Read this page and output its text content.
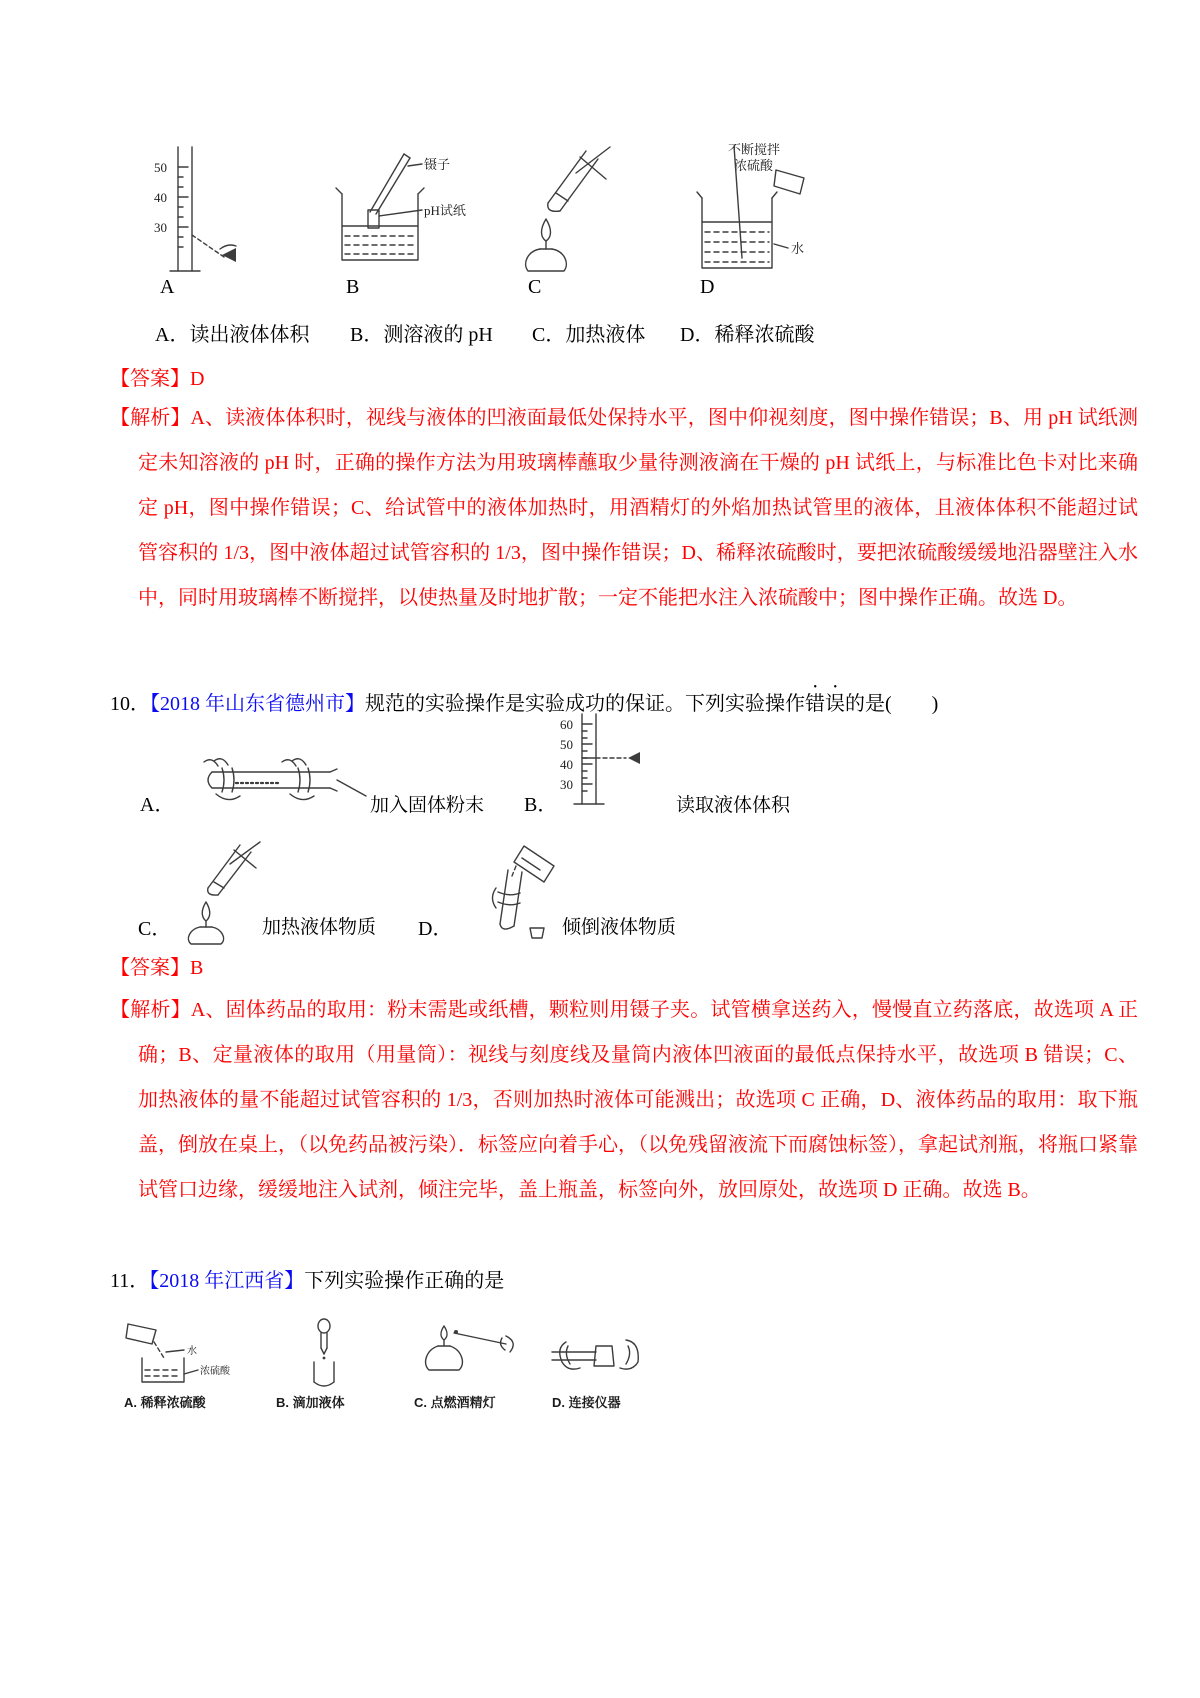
50
40
30
A
镊子
pH试纸
B	C
不断搅拌
浓硫酸
水
D
A．读出液体体积 B．测溶液的 pH C．加热液体 D．稀释浓硫酸
【答案】D

【解析】A、读液体体积时，视线与液体的凹液面最低处保持水平，图中仰视刻度，图中操作错误；B、用 pH 试纸测定未知溶液的 pH 时，正确的操作方法为用玻璃棒蘸取少量待测液滴在干燥的 pH 试纸上，与标准比色卡对比来确定 pH，图中操作错误；C、给试管中的液体加热时，用酒精灯的外焰加热试管里的液体，且液体体积不能超过试管容积的 1/3，图中液体超过试管容积的 1/3，图中操作错误；D、稀释浓硫酸时，要把浓硫酸缓缓地沿器壁注入水中，同时用玻璃棒不断搅拌，以使热量及时地扩散；一定不能把水注入浓硫酸中；图中操作正确。故选 D。

10．【2018 年山东省德州市】规范的实验操作是实验成功的保证。下列实验操作错误的是(　　)
A．	加入固体粉末 B．
60
50
40
30
读取液体体积
C．	加热液体物质 D．	倾倒液体物质
【答案】B

【解析】A、固体药品的取用：粉末需匙或纸槽，颗粒则用镊子夹。试管横拿送药入，慢慢直立药落底，故选项 A 正确；B、定量液体的取用（用量筒）：视线与刻度线及量筒内液体凹液面的最低点保持水平，故选项 B 错误；C、加热液体的量不能超过试管容积的 1/3，否则加热时液体可能溅出；故选项 C 正确，D、液体药品的取用：取下瓶盖，倒放在桌上，（以免药品被污染）．标签应向着手心，（以免残留液流下而腐蚀标签），拿起试剂瓶，将瓶口紧靠试管口边缘，缓缓地注入试剂，倾注完毕，盖上瓶盖，标签向外，放回原处，故选项 D 正确。故选 B。

11．【2018 年江西省】下列实验操作正确的是
水
浓硫酸
A. 稀释浓硫酸	B. 滴加液体	C. 点燃酒精灯	D. 连接仪器
